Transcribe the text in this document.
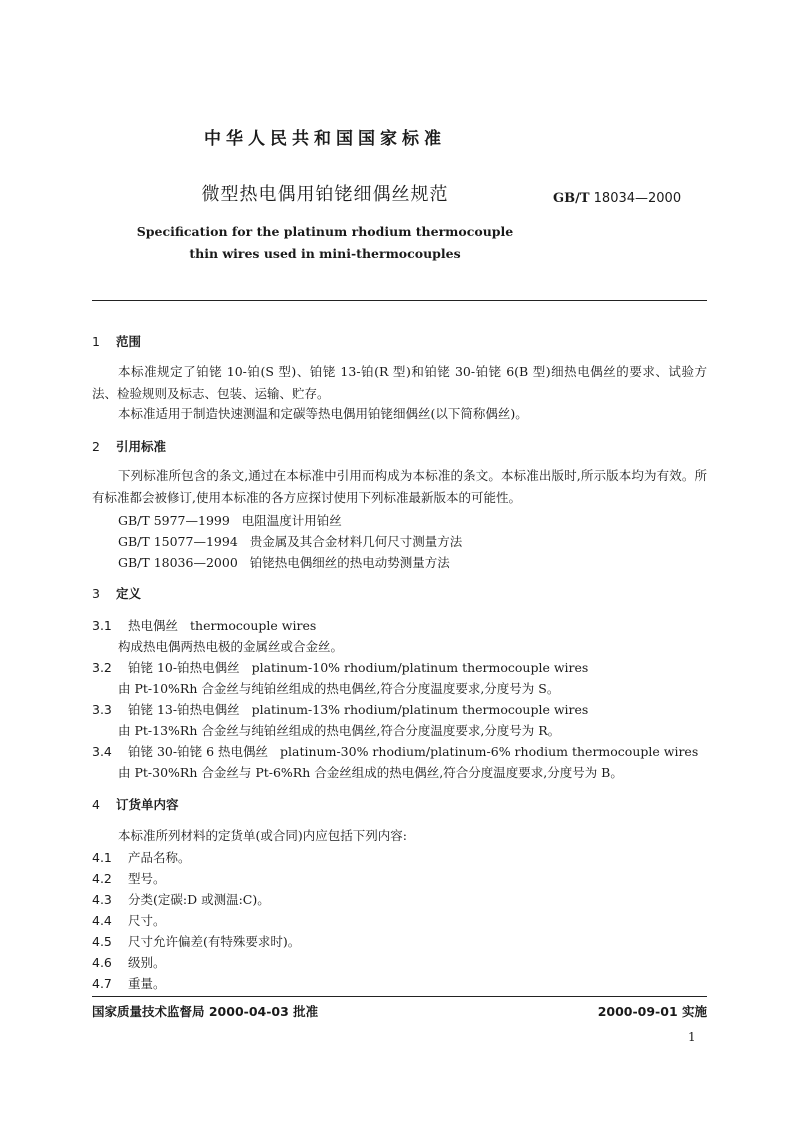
中华人民共和国国家标准
微型热电偶用铂铑细偶丝规范	GB/T 18034—2000
Specification for the platinum rhodium thermocouple
thin wires used in mini-thermocouples
1 范围
本标准规定了铂铑 10-铂(S 型)、铂铑 13-铂(R 型)和铂铑 30-铂铑 6(B 型)细热电偶丝的要求、试验方法、检验规则及标志、包装、运输、贮存。
本标准适用于制造快速测温和定碳等热电偶用铂铑细偶丝(以下简称偶丝)。
2 引用标准
下列标准所包含的条文,通过在本标准中引用而构成为本标准的条文。本标准出版时,所示版本均为有效。所有标准都会被修订,使用本标准的各方应探讨使用下列标准最新版本的可能性。
GB/T 5977—1999 电阻温度计用铂丝
GB/T 15077—1994 贵金属及其合金材料几何尺寸测量方法
GB/T 18036—2000 铂铑热电偶细丝的热电动势测量方法
3 定义
3.1 热电偶丝 thermocouple wires
构成热电偶两热电极的金属丝或合金丝。
3.2 铂铑 10-铂热电偶丝 platinum-10% rhodium/platinum thermocouple wires
由 Pt-10%Rh 合金丝与纯铂丝组成的热电偶丝,符合分度温度要求,分度号为 S。
3.3 铂铑 13-铂热电偶丝 platinum-13% rhodium/platinum thermocouple wires
由 Pt-13%Rh 合金丝与纯铂丝组成的热电偶丝,符合分度温度要求,分度号为 R。
3.4 铂铑 30-铂铑 6 热电偶丝 platinum-30% rhodium/platinum-6% rhodium thermocouple wires
由 Pt-30%Rh 合金丝与 Pt-6%Rh 合金丝组成的热电偶丝,符合分度温度要求,分度号为 B。
4 订货单内容
本标准所列材料的定货单(或合同)内应包括下列内容:
4.1 产品名称。
4.2 型号。
4.3 分类(定碳:D 或测温:C)。
4.4 尺寸。
4.5 尺寸允许偏差(有特殊要求时)。
4.6 级别。
4.7 重量。
国家质量技术监督局 2000-04-03 批准	2000-09-01 实施
1
